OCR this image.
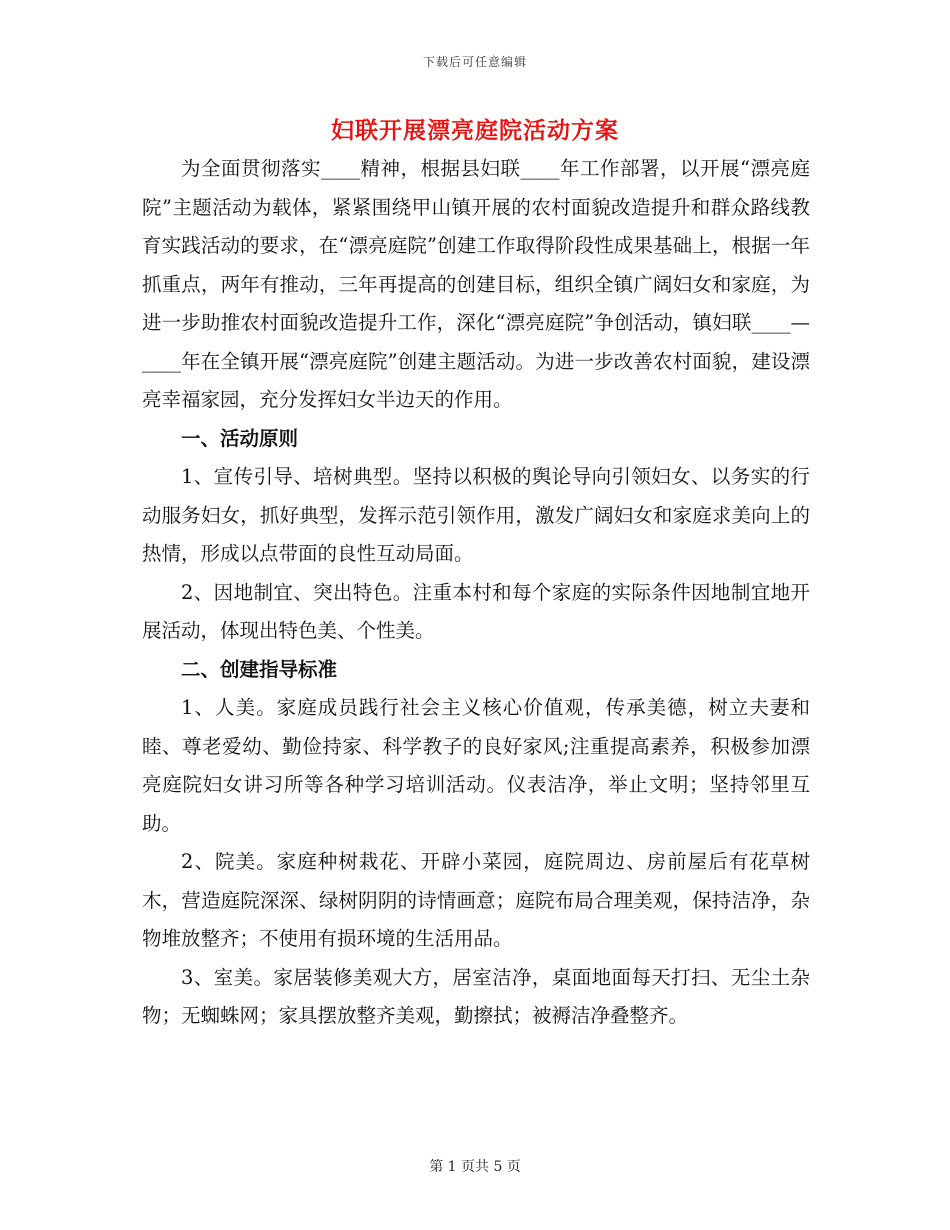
下载后可任意编辑
妇联开展漂亮庭院活动方案

为全面贯彻落实____精神，根据县妇联____年工作部署，以开展“漂亮庭院”主题活动为载体，紧紧围绕甲山镇开展的农村面貌改造提升和群众路线教育实践活动的要求，在“漂亮庭院”创建工作取得阶段性成果基础上，根据一年抓重点，两年有推动，三年再提高的创建目标，组织全镇广阔妇女和家庭，为进一步助推农村面貌改造提升工作，深化“漂亮庭院”争创活动，镇妇联____—____年在全镇开展“漂亮庭院”创建主题活动。为进一步改善农村面貌，建设漂亮幸福家园，充分发挥妇女半边天的作用。

一、活动原则

1、宣传引导、培树典型。坚持以积极的舆论导向引领妇女、以务实的行动服务妇女，抓好典型，发挥示范引领作用，激发广阔妇女和家庭求美向上的热情，形成以点带面的良性互动局面。

2、因地制宜、突出特色。注重本村和每个家庭的实际条件因地制宜地开展活动，体现出特色美、个性美。

二、创建指导标准

1、人美。家庭成员践行社会主义核心价值观，传承美德，树立夫妻和睦、尊老爱幼、勤俭持家、科学教子的良好家风;注重提高素养，积极参加漂亮庭院妇女讲习所等各种学习培训活动。仪表洁净，举止文明；坚持邻里互助。

2、院美。家庭种树栽花、开辟小菜园，庭院周边、房前屋后有花草树木，营造庭院深深、绿树阴阴的诗情画意；庭院布局合理美观，保持洁净，杂物堆放整齐；不使用有损环境的生活用品。

3、室美。家居装修美观大方，居室洁净，桌面地面每天打扫、无尘土杂物；无蜘蛛网；家具摆放整齐美观，勤擦拭；被褥洁净叠整齐。

第 1 页共 5 页
